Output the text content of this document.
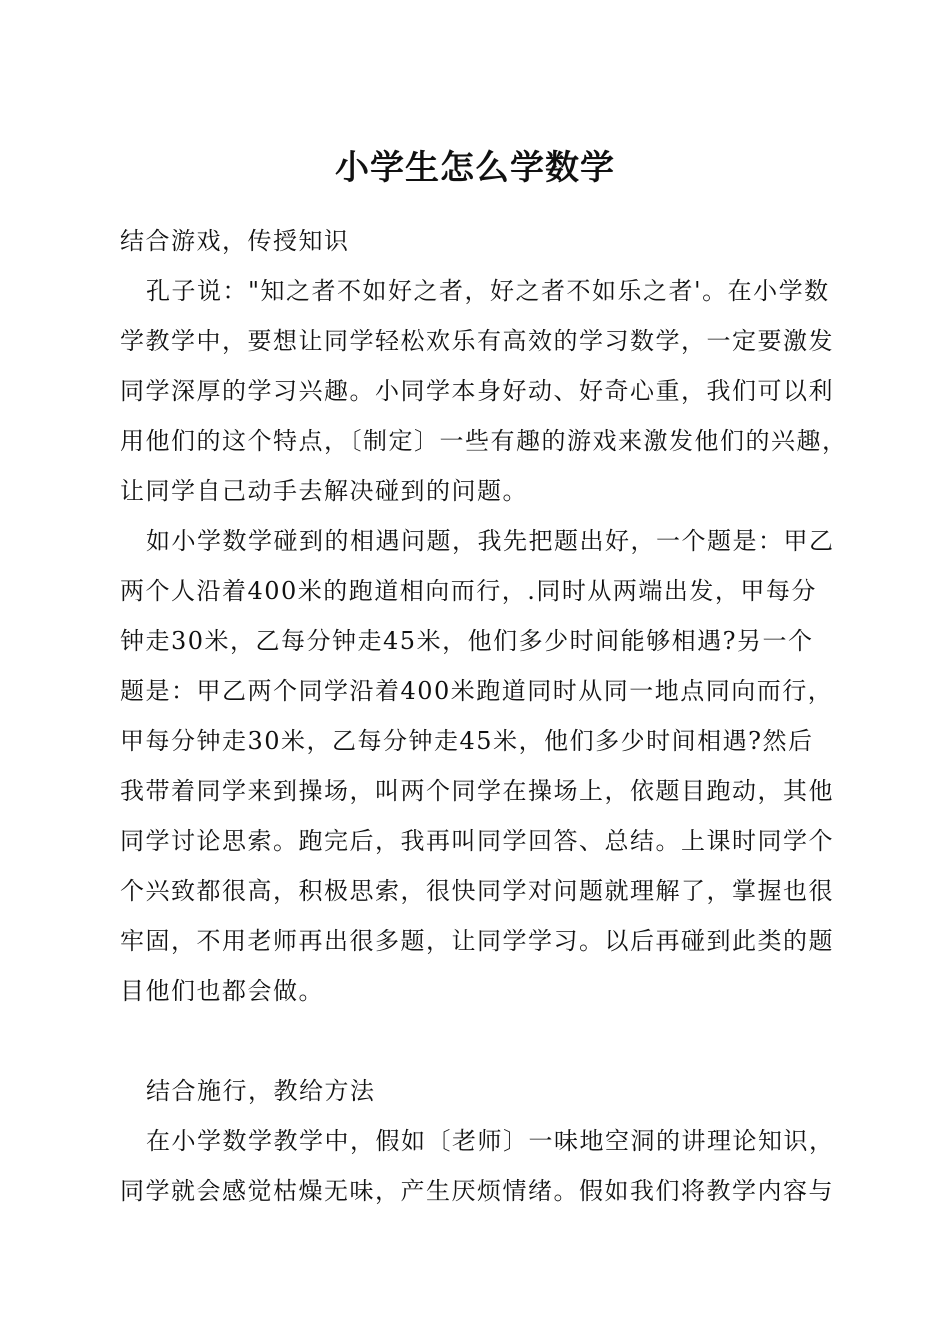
小学生怎么学数学
结合游戏，传授知识
孔子说："知之者不如好之者，好之者不如乐之者'。在小学数
学教学中，要想让同学轻松欢乐有高效的学习数学，一定要激发
同学深厚的学习兴趣。小同学本身好动、好奇心重，我们可以利
用他们的这个特点，〔制定〕一些有趣的游戏来激发他们的兴趣，
让同学自己动手去解决碰到的问题。
如小学数学碰到的相遇问题，我先把题出好，一个题是：甲乙
两个人沿着400米的跑道相向而行，.同时从两端出发，甲每分
钟走30米，乙每分钟走45米，他们多少时间能够相遇?另一个
题是：甲乙两个同学沿着400米跑道同时从同一地点同向而行，
甲每分钟走30米，乙每分钟走45米，他们多少时间相遇?然后
我带着同学来到操场，叫两个同学在操场上，依题目跑动，其他
同学讨论思索。跑完后，我再叫同学回答、总结。上课时同学个
个兴致都很高，积极思索，很快同学对问题就理解了，掌握也很
牢固，不用老师再出很多题，让同学学习。以后再碰到此类的题
目他们也都会做。
结合施行，教给方法
在小学数学教学中，假如〔老师〕一味地空洞的讲理论知识，
同学就会感觉枯燥无味，产生厌烦情绪。假如我们将教学内容与
